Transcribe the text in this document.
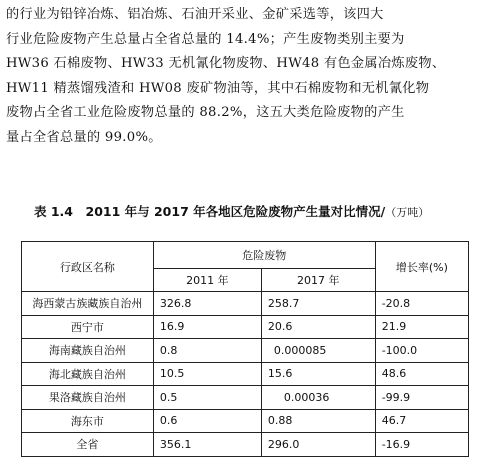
的行业为铅锌冶炼、铝冶炼、石油开采业、金矿采选等，该四大
行业危险废物产生总量占全省总量的 14.4%；产生废物类别主要为
HW36 石棉废物、HW33 无机氰化物废物、HW48 有色金属冶炼废物、
HW11 精蒸馏残渣和 HW08 废矿物油等，其中石棉废物和无机氰化物
废物占全省工业危险废物总量的 88.2%，这五大类危险废物的产生
量占全省总量的 99.0%。
表 1.4　2011 年与 2017 年各地区危险废物产生量对比情况/（万吨）
行政区名称	危险废物		增长率(%)
	2011 年	2017 年	
海西蒙古族藏族自治州	326.8	258.7	-20.8
西宁市	16.9	20.6	21.9
海南藏族自治州	0.8	0.000085	-100.0
海北藏族自治州	10.5	15.6	48.6
果洛藏族自治州	0.5	0.00036	-99.9
海东市	0.6	0.88	46.7
全省	356.1	296.0	-16.9
